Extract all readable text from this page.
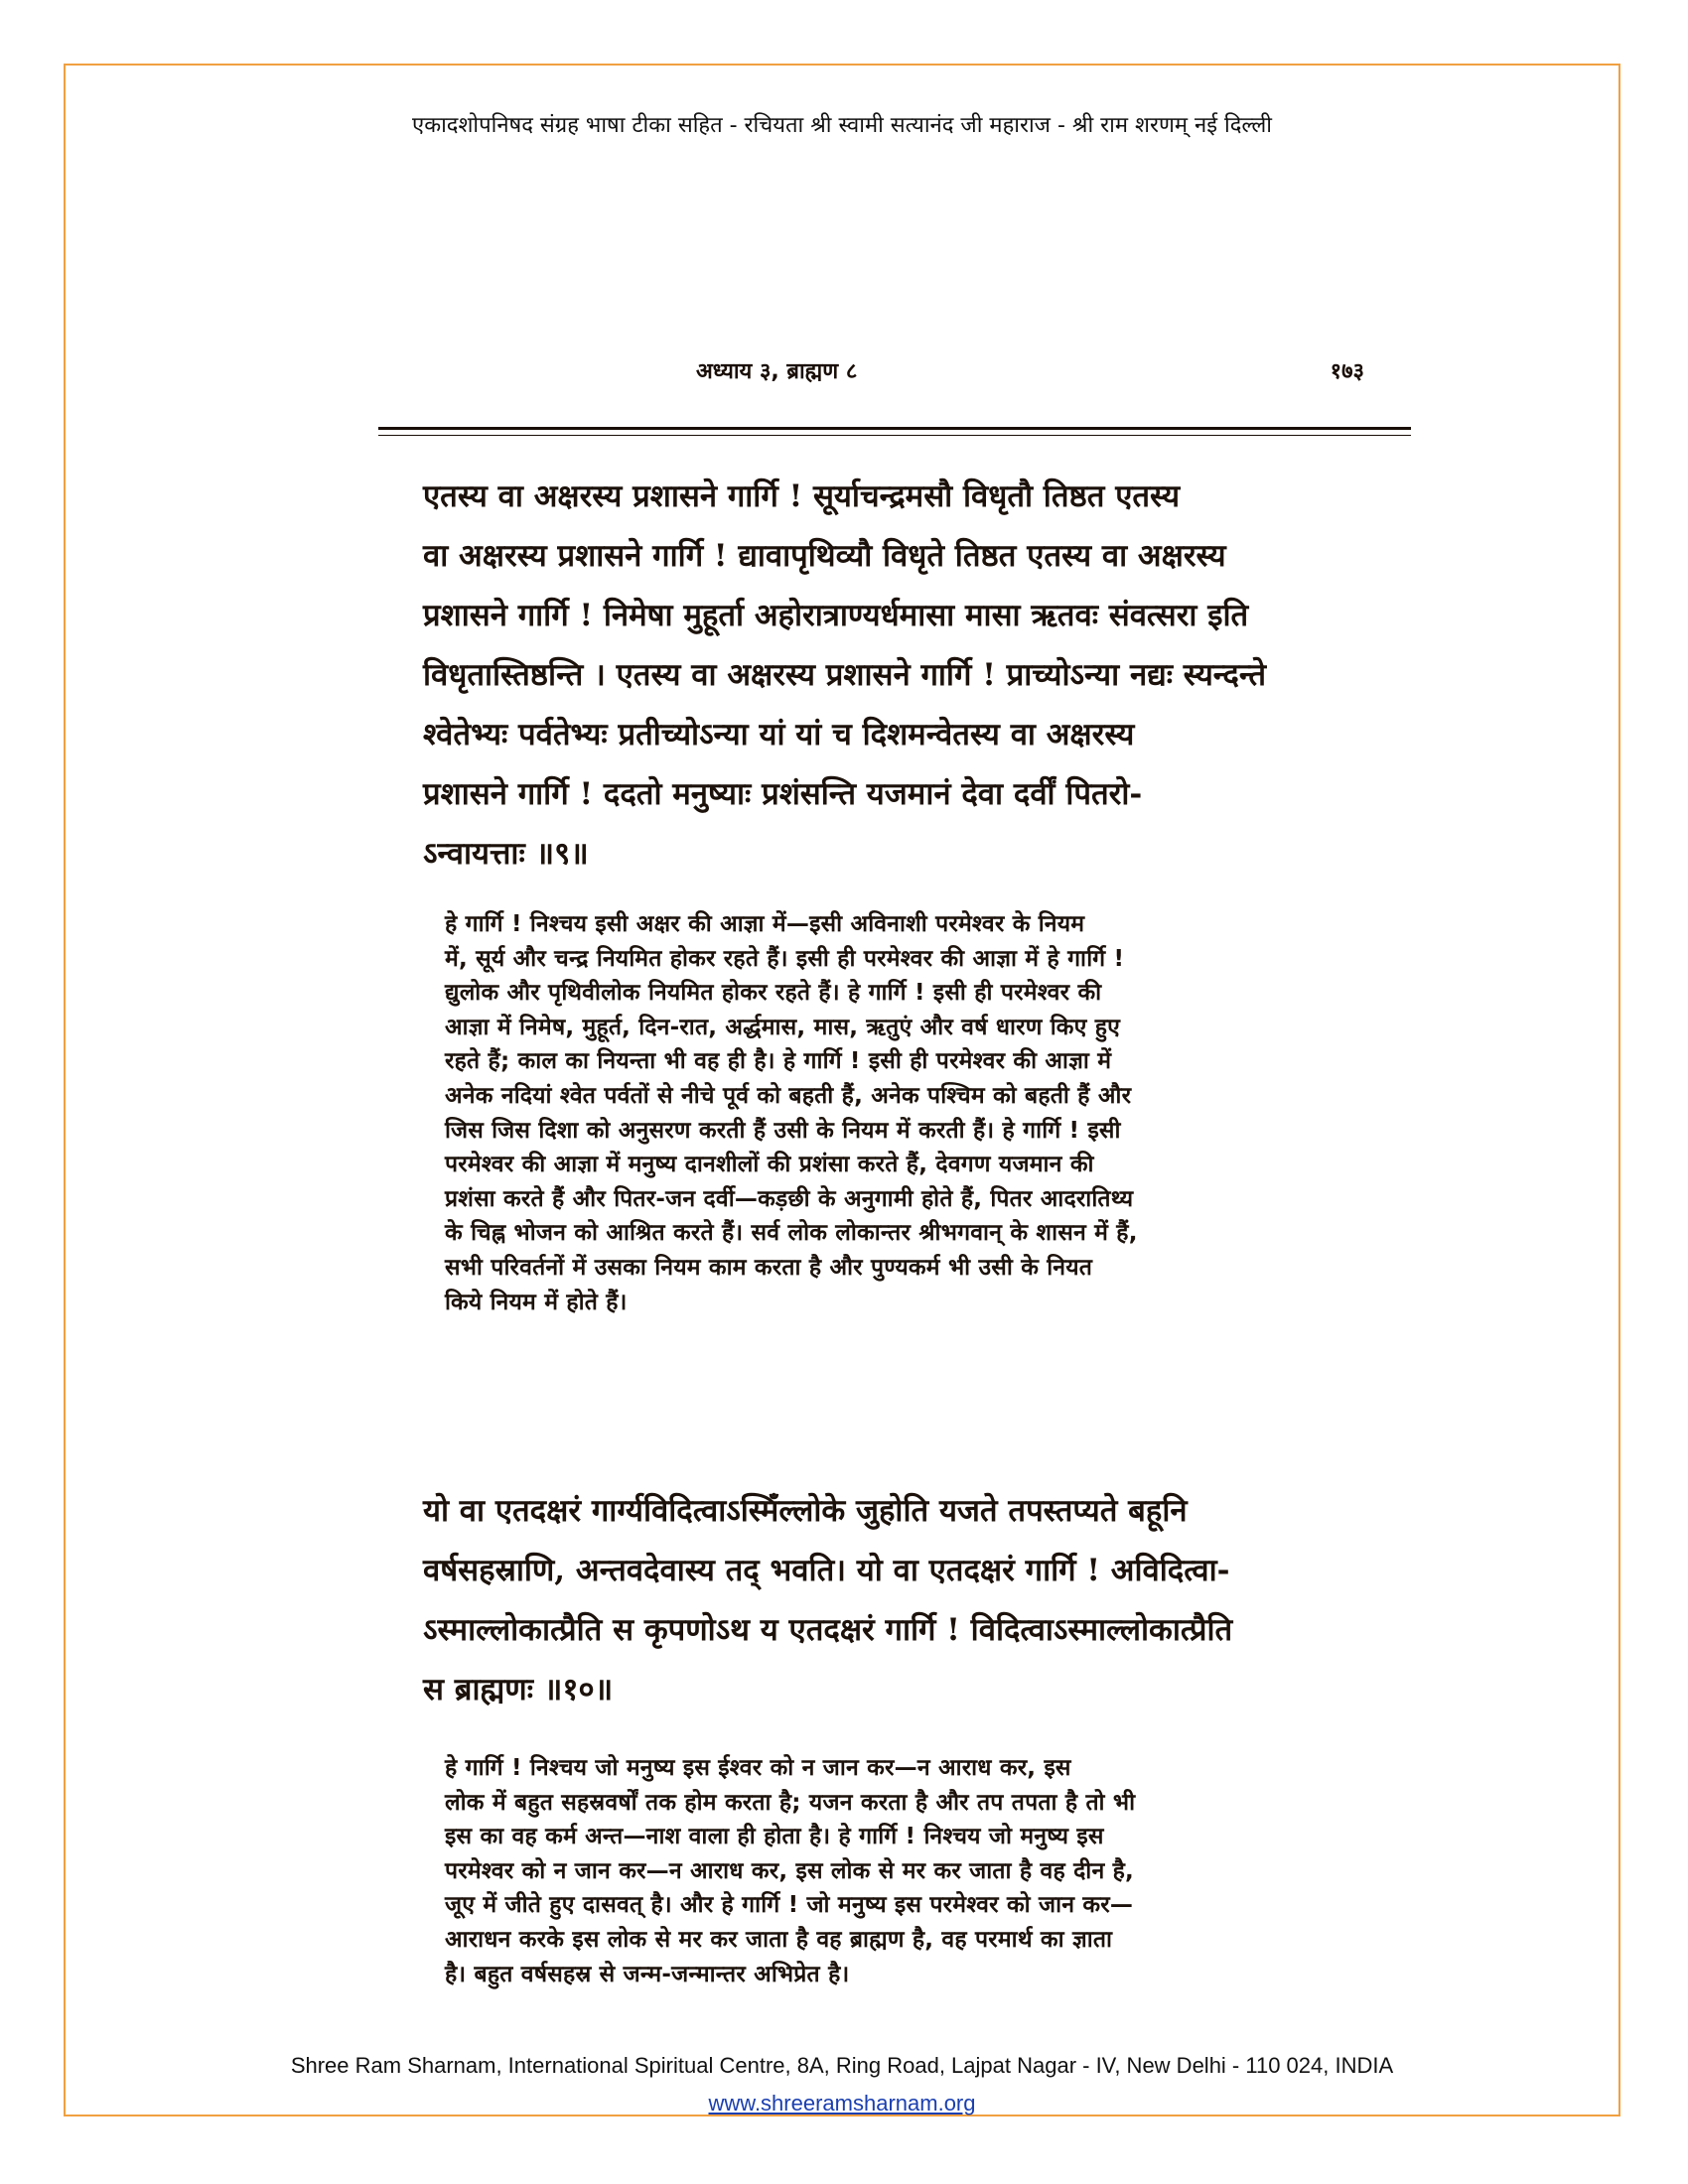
एकादशोपनिषद संग्रह भाषा टीका सहित - रचियता श्री स्वामी सत्यानंद जी महाराज - श्री राम शरणम् नई दिल्ली
अध्याय ३, ब्राह्मण ८	१७३
एतस्य वा अक्षरस्य प्रशासने गार्गि ! सूर्याचन्द्रमसौ विधृतौ तिष्ठत एतस्य
वा अक्षरस्य प्रशासने गार्गि ! द्यावापृथिव्यौ विधृते तिष्ठत एतस्य वा अक्षरस्य
प्रशासने गार्गि ! निमेषा मुहूर्ता अहोरात्राण्यर्धमासा मासा ऋतवः संवत्सरा इति
विधृतास्तिष्ठन्ति । एतस्य वा अक्षरस्य प्रशासने गार्गि ! प्राच्योऽन्या नद्यः स्यन्दन्ते
श्वेतेभ्यः पर्वतेभ्यः प्रतीच्योऽन्या यां यां च दिशमन्वेतस्य वा अक्षरस्य
प्रशासने गार्गि ! ददतो मनुष्याः प्रशंसन्ति यजमानं देवा दर्वीं पितरो-
ऽन्वायत्ताः ॥९॥
हे गार्गि ! निश्चय इसी अक्षर की आज्ञा में—इसी अविनाशी परमेश्वर के नियम
में, सूर्य और चन्द्र नियमित होकर रहते हैं। इसी ही परमेश्वर की आज्ञा में हे गार्गि !
द्युलोक और पृथिवीलोक नियमित होकर रहते हैं। हे गार्गि ! इसी ही परमेश्वर की
आज्ञा में निमेष, मुहूर्त, दिन-रात, अर्द्धमास, मास, ऋतुएं और वर्ष धारण किए हुए
रहते हैं; काल का नियन्ता भी वह ही है। हे गार्गि ! इसी ही परमेश्वर की आज्ञा में
अनेक नदियां श्वेत पर्वतों से नीचे पूर्व को बहती हैं, अनेक पश्चिम को बहती हैं और
जिस जिस दिशा को अनुसरण करती हैं उसी के नियम में करती हैं। हे गार्गि ! इसी
परमेश्वर की आज्ञा में मनुष्य दानशीलों की प्रशंसा करते हैं, देवगण यजमान की
प्रशंसा करते हैं और पितर-जन दर्वी—कड़छी के अनुगामी होते हैं, पितर आदरातिथ्य
के चिह्न भोजन को आश्रित करते हैं। सर्व लोक लोकान्तर श्रीभगवान् के शासन में हैं,
सभी परिवर्तनों में उसका नियम काम करता है और पुण्यकर्म भी उसी के नियत
किये नियम में होते हैं।
यो वा एतदक्षरं गार्ग्यविदित्वाऽस्मिँल्लोके जुहोति यजते तपस्तप्यते बहूनि
वर्षसहस्राणि, अन्तवदेवास्य तद् भवति। यो वा एतदक्षरं गार्गि ! अविदित्वा-
ऽस्माल्लोकात्प्रैति स कृपणोऽथ य एतदक्षरं गार्गि ! विदित्वाऽस्माल्लोकात्प्रैति
स ब्राह्मणः ॥१०॥
हे गार्गि ! निश्चय जो मनुष्य इस ईश्वर को न जान कर—न आराध कर, इस
लोक में बहुत सहस्रवर्षों तक होम करता है; यजन करता है और तप तपता है तो भी
इस का वह कर्म अन्त—नाश वाला ही होता है। हे गार्गि ! निश्चय जो मनुष्य इस
परमेश्वर को न जान कर—न आराध कर, इस लोक से मर कर जाता है वह दीन है,
जूए में जीते हुए दासवत् है। और हे गार्गि ! जो मनुष्य इस परमेश्वर को जान कर—
आराधन करके इस लोक से मर कर जाता है वह ब्राह्मण है, वह परमार्थ का ज्ञाता
है। बहुत वर्षसहस्र से जन्म-जन्मान्तर अभिप्रेत है।
Shree Ram Sharnam, International Spiritual Centre, 8A, Ring Road, Lajpat Nagar - IV, New Delhi - 110 024, INDIA
www.shreeramsharnam.org
